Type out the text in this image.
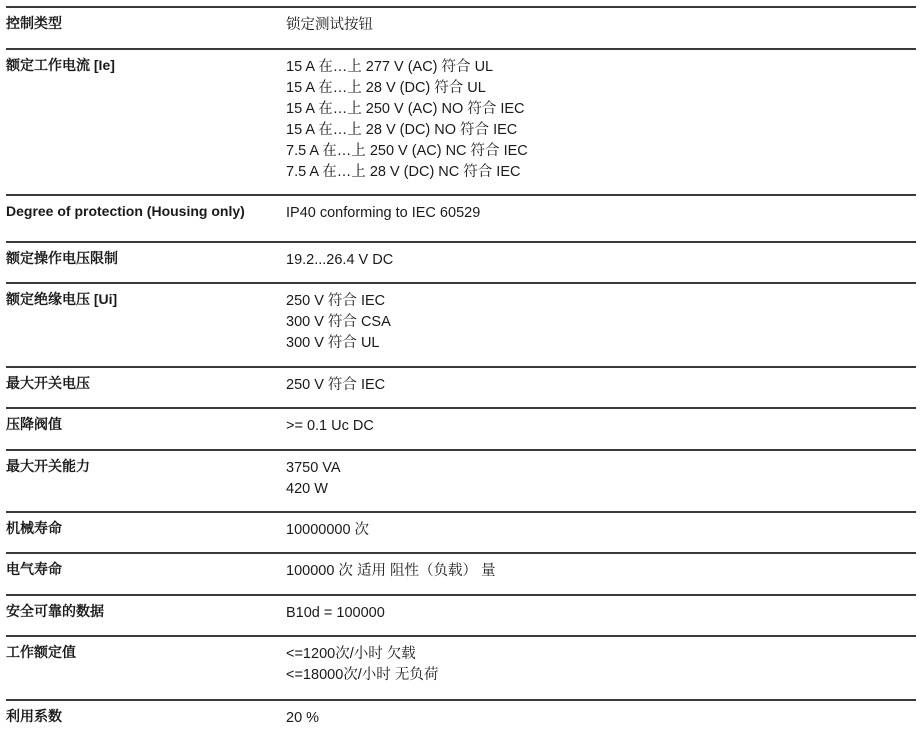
控制类型	锁定测试按钮
额定工作电流 [Ie]	15 A 在…上 277 V (AC) 符合 UL
15 A 在…上 28 V (DC) 符合 UL
15 A 在…上 250 V (AC) NO 符合 IEC
15 A 在…上 28 V (DC) NO 符合 IEC
7.5 A 在…上 250 V (AC) NC 符合 IEC
7.5 A 在…上 28 V (DC) NC 符合 IEC
Degree of protection (Housing only)	IP40 conforming to IEC 60529
额定操作电压限制	19.2...26.4 V DC
额定绝缘电压 [Ui]	250 V 符合 IEC
300 V 符合 CSA
300 V 符合 UL
最大开关电压	250 V 符合 IEC
压降阀值	>= 0.1 Uc DC
最大开关能力	3750 VA
420 W
机械寿命	10000000 次
电气寿命	100000 次 适用 阻性（负载） 量
安全可靠的数据	B10d = 100000
工作额定值	<=1200次/小时 欠载
<=18000次/小时 无负荷
利用系数	20 %
